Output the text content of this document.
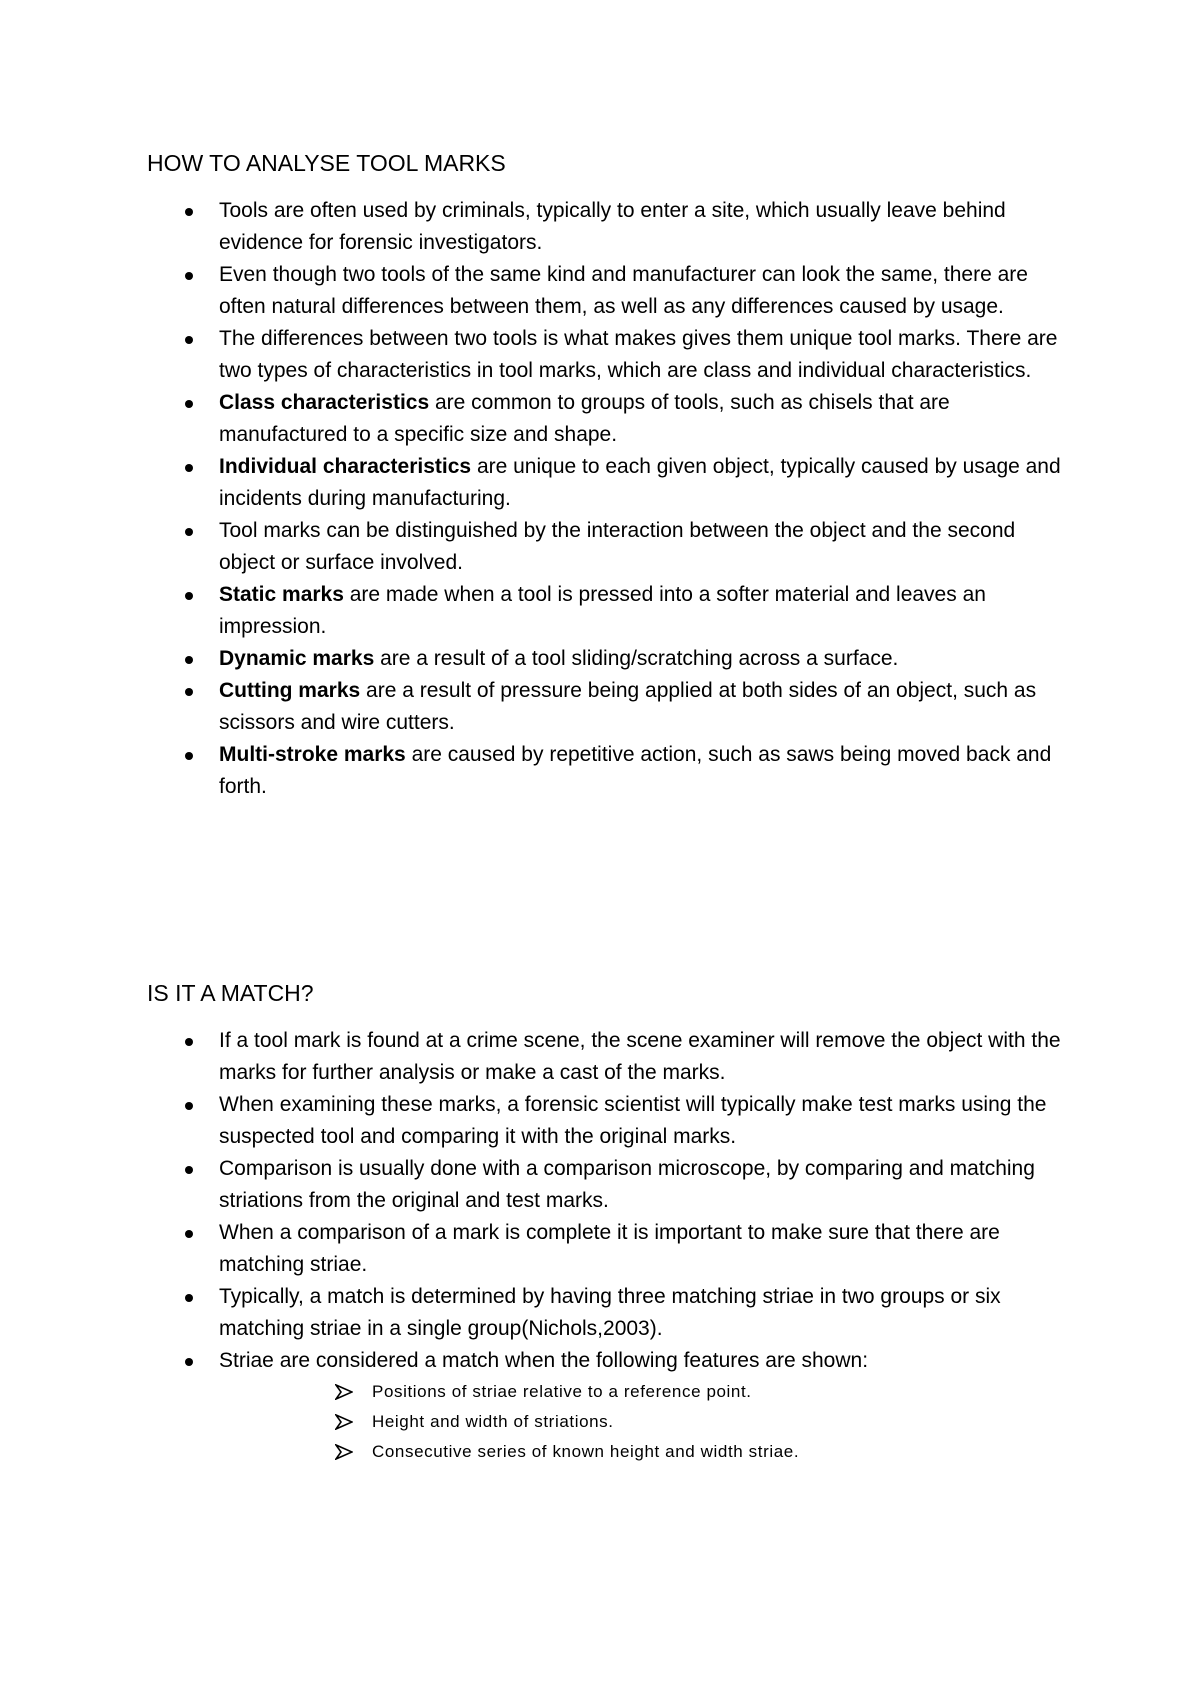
HOW TO ANALYSE TOOL MARKS
Tools are often used by criminals, typically to enter a site, which usually leave behind evidence for forensic investigators.
Even though two tools of the same kind and manufacturer can look the same, there are often natural differences between them, as well as any differences caused by usage.
The differences between two tools is what makes gives them unique tool marks. There are two types of characteristics in tool marks, which are class and individual characteristics.
Class characteristics are common to groups of tools, such as chisels that are manufactured to a specific size and shape.
Individual characteristics are unique to each given object, typically caused by usage and incidents during manufacturing.
Tool marks can be distinguished by the interaction between the object and the second object or surface involved.
Static marks are made when a tool is pressed into a softer material and leaves an impression.
Dynamic marks are a result of a tool sliding/scratching across a surface.
Cutting marks are a result of pressure being applied at both sides of an object, such as scissors and wire cutters.
Multi-stroke marks are caused by repetitive action, such as saws being moved back and forth.
IS IT A MATCH?
If a tool mark is found at a crime scene, the scene examiner will remove the object with the marks for further analysis or make a cast of the marks.
When examining these marks, a forensic scientist will typically make test marks using the suspected tool and comparing it with the original marks.
Comparison is usually done with a comparison microscope, by comparing and matching striations from the original and test marks.
When a comparison of a mark is complete it is important to make sure that there are matching striae.
Typically, a match is determined by having three matching striae in two groups or six matching striae in a single group(Nichols,2003).
Striae are considered a match when the following features are shown:
Positions of striae relative to a reference point.
Height and width of striations.
Consecutive series of known height and width striae.
